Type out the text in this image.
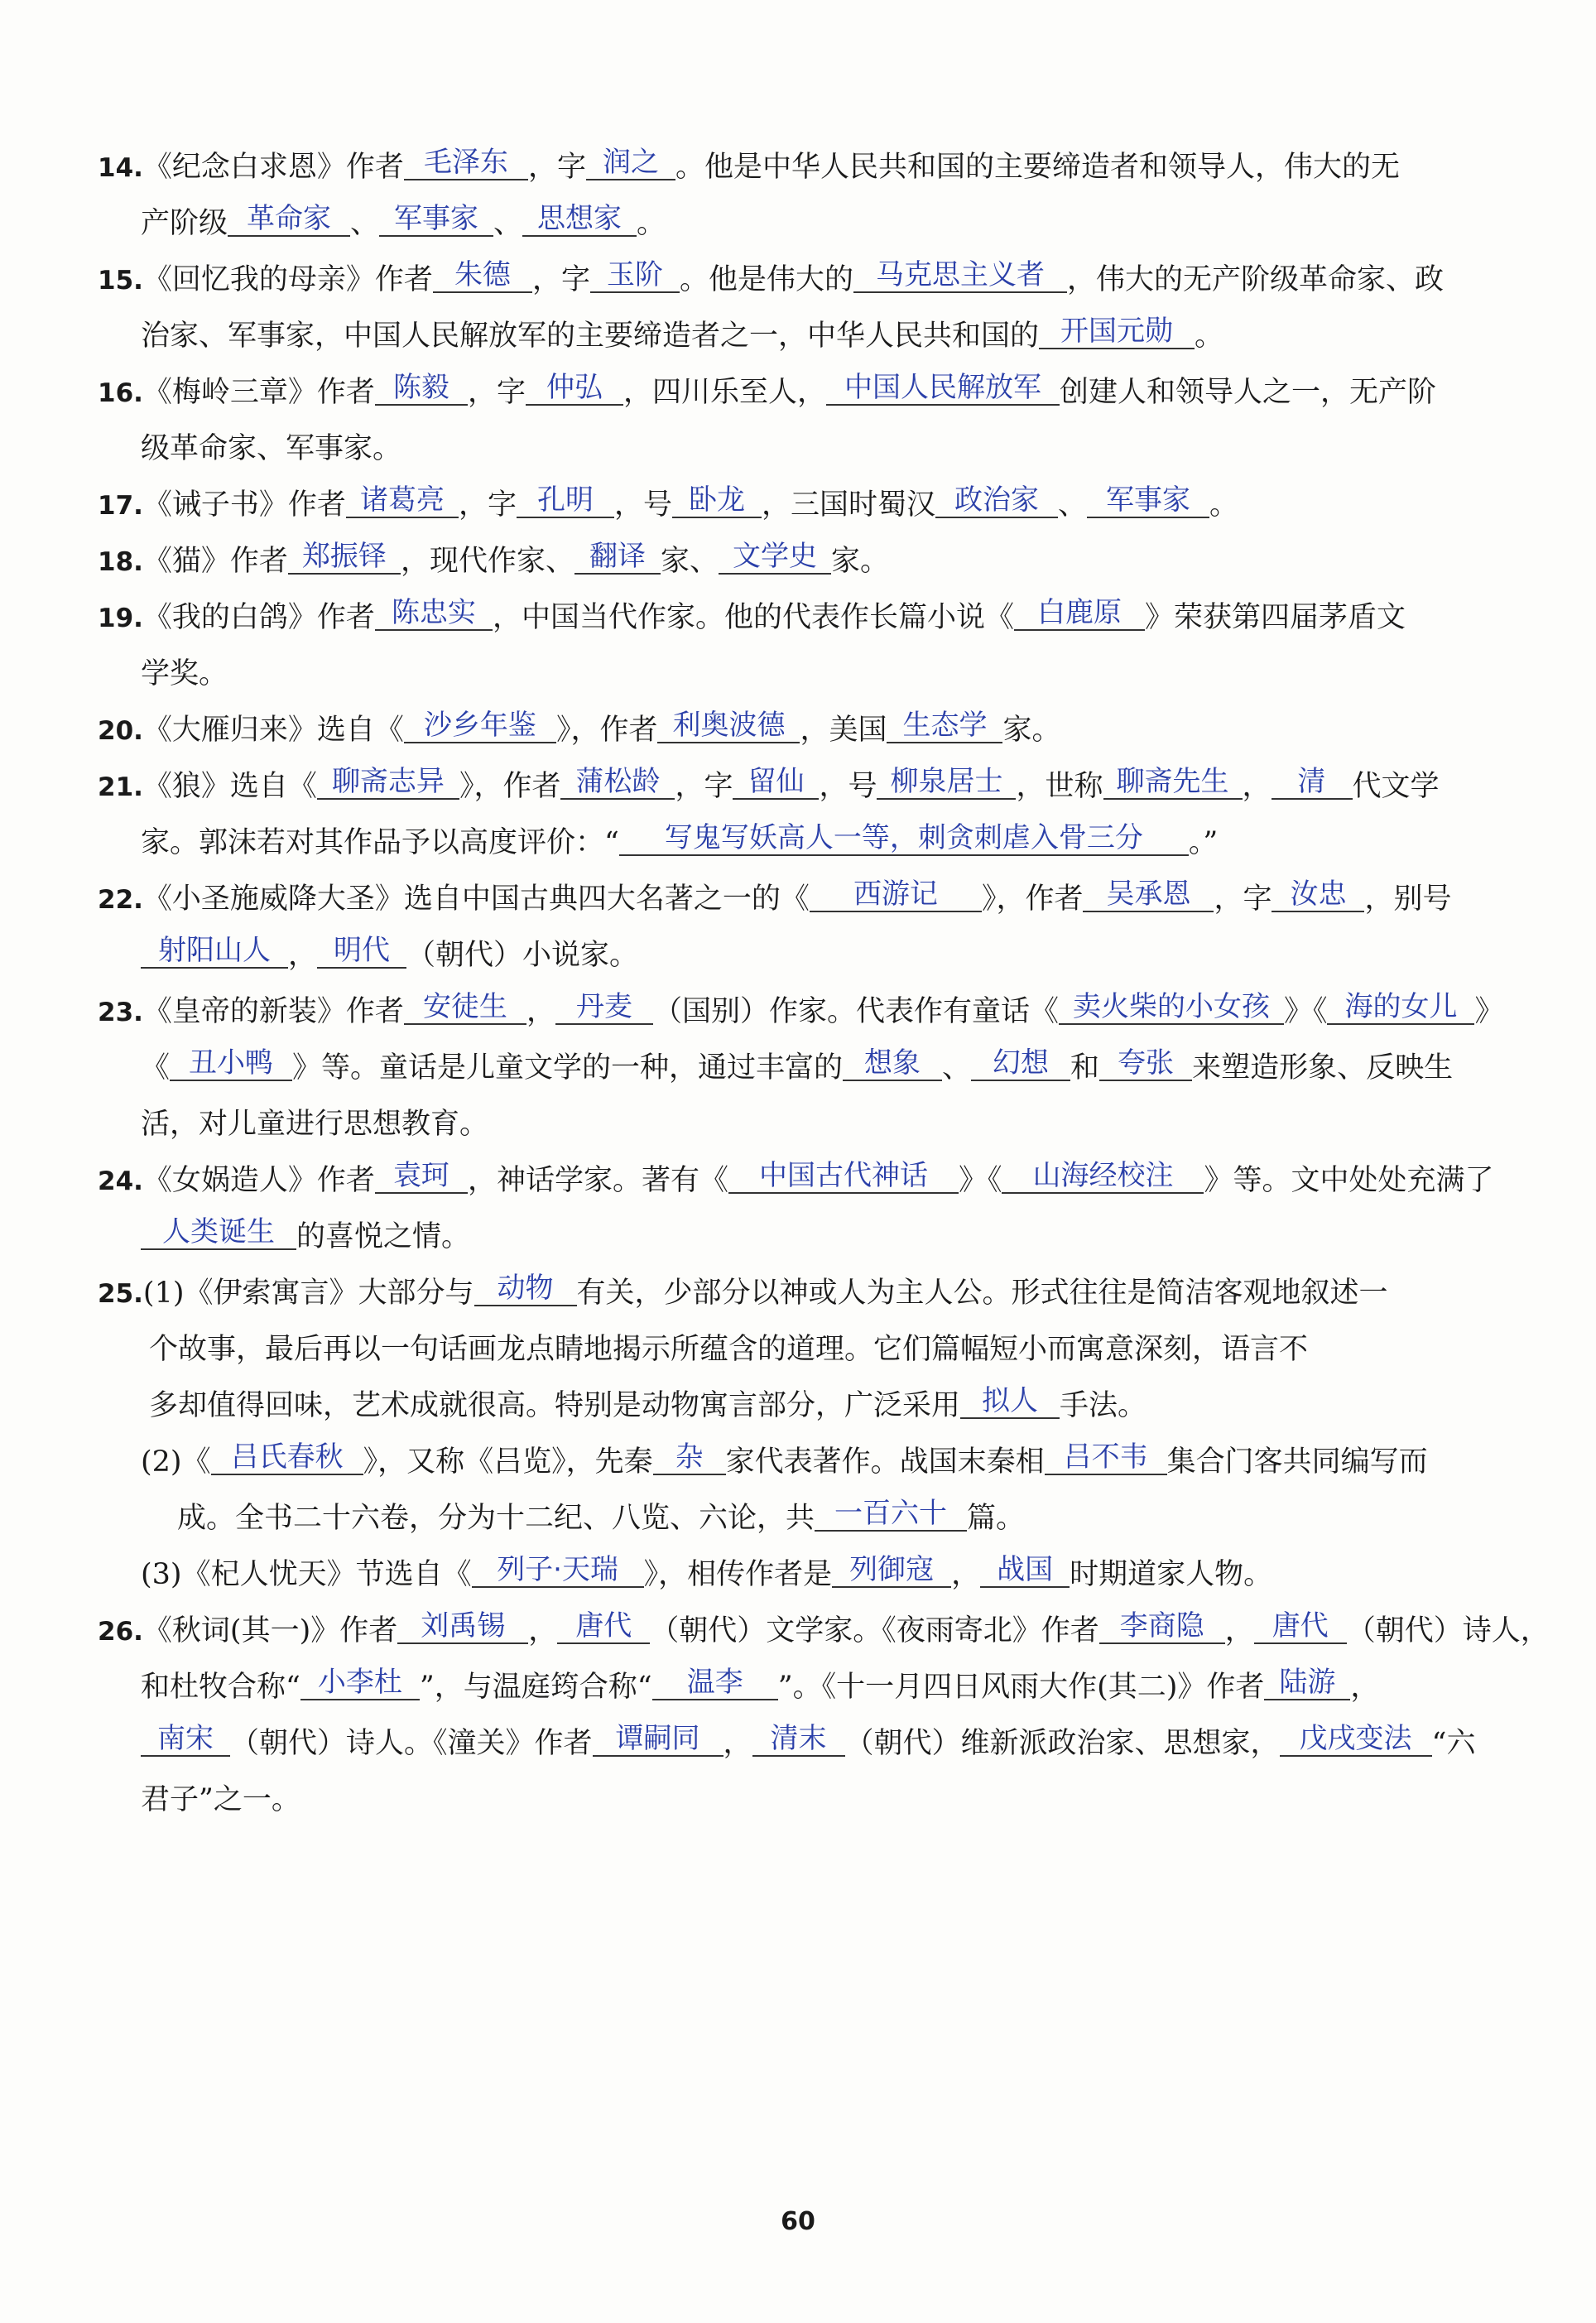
14.《纪念白求恩》作者 毛泽东 ，字 润之 。他是中华人民共和国的主要缔造者和领导人，伟大的无
产阶级 革命家 、 军事家 、 思想家 。
15.《回忆我的母亲》作者 朱德 ，字 玉阶 。他是伟大的 马克思主义者 ，伟大的无产阶级革命家、政
治家、军事家，中国人民解放军的主要缔造者之一，中华人民共和国的 开国元勋 。
16.《梅岭三章》作者 陈毅 ，字 仲弘 ，四川乐至人， 中国人民解放军 创建人和领导人之一，无产阶
级革命家、军事家。
17.《诫子书》作者 诸葛亮 ，字 孔明 ，号 卧龙 ，三国时蜀汉 政治家 、 军事家 。
18.《猫》作者 郑振铎 ，现代作家、 翻译 家、 文学史 家。
19.《我的白鸽》作者 陈忠实 ，中国当代作家。他的代表作长篇小说《 白鹿原 》荣获第四届茅盾文
学奖。
20.《大雁归来》选自《 沙乡年鉴 》，作者 利奥波德 ，美国 生态学 家。
21.《狼》选自《 聊斋志异 》，作者 蒲松龄 ，字 留仙 ，号 柳泉居士 ，世称 聊斋先生 ， 清 代文学
家。郭沫若对其作品予以高度评价：“ 写鬼写妖高人一等，刺贪刺虐入骨三分 。”
22.《小圣施威降大圣》选自中国古典四大名著之一的《 西游记 》，作者 吴承恩 ，字 汝忠 ，别号
射阳山人 ， 明代 （朝代）小说家。
23.《皇帝的新装》作者 安徒生 ， 丹麦 （国别）作家。代表作有童话《 卖火柴的小女孩 》《 海的女儿 》
《 丑小鸭 》等。童话是儿童文学的一种，通过丰富的 想象 、 幻想 和 夸张 来塑造形象、反映生
活，对儿童进行思想教育。
24.《女娲造人》作者 袁珂 ，神话学家。著有《 中国古代神话 》《 山海经校注 》等。文中处处充满了
人类诞生 的喜悦之情。
25.(1)《伊索寓言》大部分与 动物 有关，少部分以神或人为主人公。形式往往是简洁客观地叙述一
个故事，最后再以一句话画龙点睛地揭示所蕴含的道理。它们篇幅短小而寓意深刻，语言不
多却值得回味，艺术成就很高。特别是动物寓言部分，广泛采用 拟人 手法。
(2)《 吕氏春秋 》，又称《吕览》，先秦 杂 家代表著作。战国末秦相 吕不韦 集合门客共同编写而
成。全书二十六卷，分为十二纪、八览、六论，共 一百六十 篇。
(3)《杞人忧天》节选自《 列子·天瑞 》，相传作者是 列御寇 ， 战国 时期道家人物。
26.《秋词(其一)》作者 刘禹锡 ， 唐代 （朝代）文学家。《夜雨寄北》作者 李商隐 ， 唐代 （朝代）诗人，
和杜牧合称“ 小李杜 ”，与温庭筠合称“ 温李 ”。《十一月四日风雨大作(其二)》作者 陆游 ，
南宋 （朝代）诗人。《潼关》作者 谭嗣同 ， 清末 （朝代）维新派政治家、思想家， 戊戌变法 “六
君子”之一。
60
